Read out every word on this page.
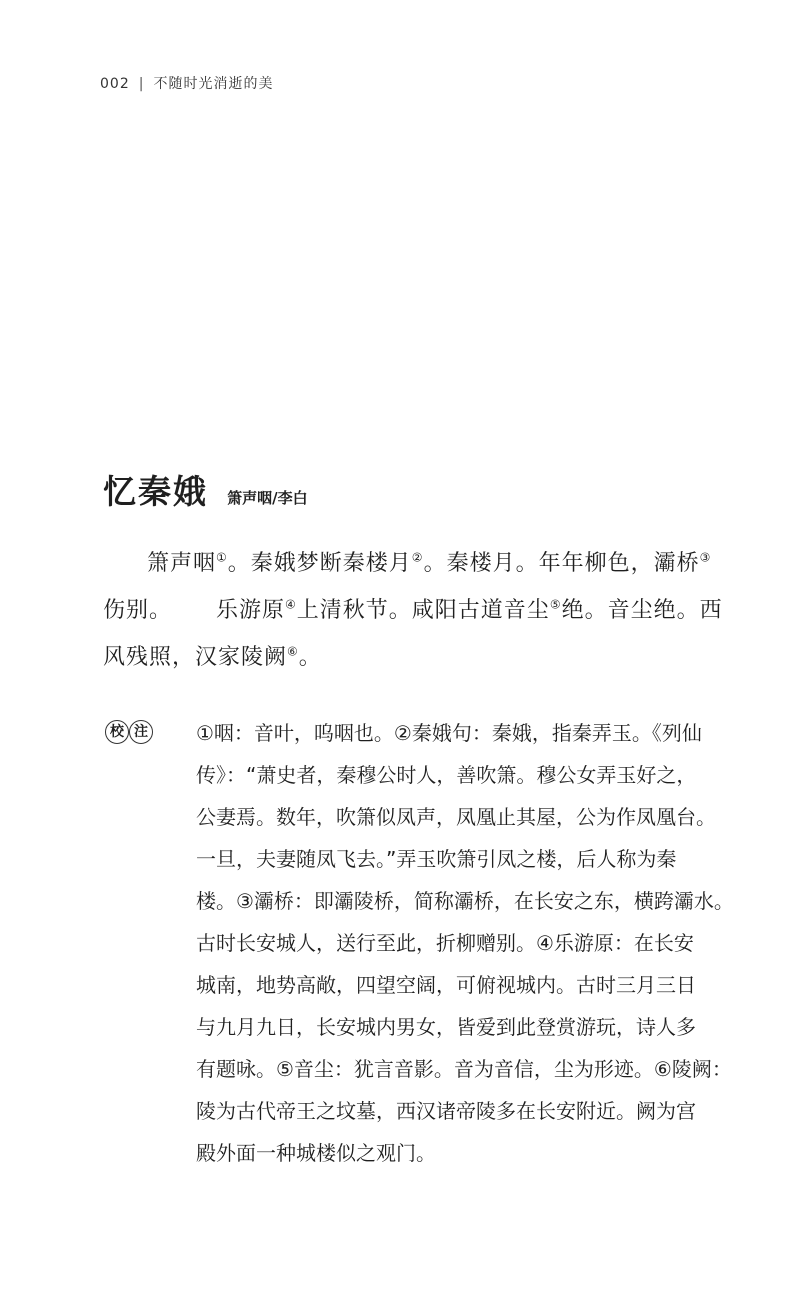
002 | 不随时光消逝的美
忆秦娥 箫声咽/李白
箫声咽①。秦娥梦断秦楼月②。秦楼月。年年柳色，灞桥③
伤别。 乐游原④上清秋节。咸阳古道音尘⑤绝。音尘绝。西
风残照，汉家陵阙⑥。
校 注 ①咽：音叶，呜咽也。②秦娥句：秦娥，指秦弄玉。《列仙
传》：“萧史者，秦穆公时人，善吹箫。穆公女弄玉好之，
公妻焉。数年，吹箫似凤声，凤凰止其屋，公为作凤凰台。
一旦，夫妻随凤飞去。”弄玉吹箫引凤之楼，后人称为秦
楼。③灞桥：即灞陵桥，简称灞桥，在长安之东，横跨灞水。
古时长安城人，送行至此，折柳赠别。④乐游原：在长安
城南，地势高敞，四望空阔，可俯视城内。古时三月三日
与九月九日，长安城内男女，皆爱到此登赏游玩，诗人多
有题咏。⑤音尘：犹言音影。音为音信，尘为形迹。⑥陵阙：
陵为古代帝王之坟墓，西汉诸帝陵多在长安附近。阙为宫
殿外面一种城楼似之观门。
